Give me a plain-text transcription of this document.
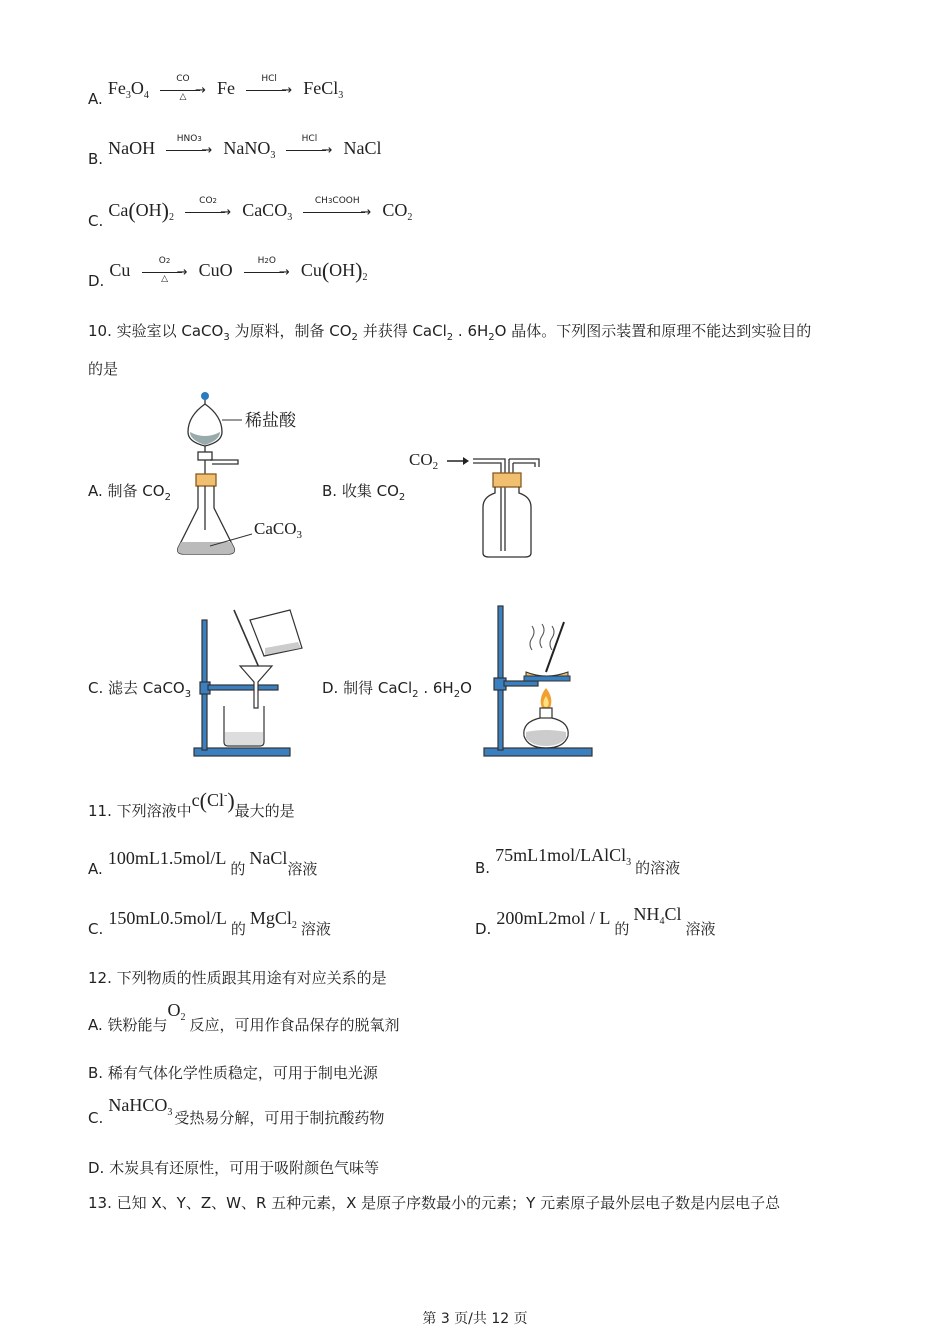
A. $Fe_3O_4$
CO
→
△	Fe	HCl
→ FeCl$_3$
B. NaOH	HNO3
→ NaNO$_3$
HCl
→ NaCl
C. $Ca(OH)_2$
CO2
→ CaCO$_3$
CH3COOH
→ $CO_2$
D. Cu	O2
→
△	CuO	H2O
→ $Cu(OH)_2$
10. 实验室以 CaCO$_3$ 为原料，制备 $CO_2$ 并获得 CaCl$_2$ . $6H_2O$ 晶体。下列图示装置和原理不能达到实验目的
的是
A. 制备 $CO_2$	B. 收集 $CO_2$
C. 滤去 CaCO$_3$	D. 制得 CaCl$_2$ . $6H_2O$
稀盐酸
CaCO$_3$
$CO_2$
11. 下列溶液中c(Cl-)最大的是
A. 100mL1.5mol/L的NaCl溶液	B. 75mL1mol/LAlCl$_3$ 的溶液
C. 150mL0.5mol/L的MgCl$_2$ 溶液	D. 200mL2mol / L的$NH_4Cl$溶液
12. 下列物质的性质跟其用途有对应关系的是
A. 铁粉能与$O_2$ 反应，可用作食品保存的脱氧剂
B. 稀有气体化学性质稳定，可用于制电光源
C. NaHCO$_3$ 受热易分解，可用于制抗酸药物
D. 木炭具有还原性，可用于吸附颜色气味等
13. 已知 X、Y、Z、W、R 五种元素，X 是原子序数最小的元素；Y 元素原子最外层电子数是内层电子总
第 3 页/共 12 页
